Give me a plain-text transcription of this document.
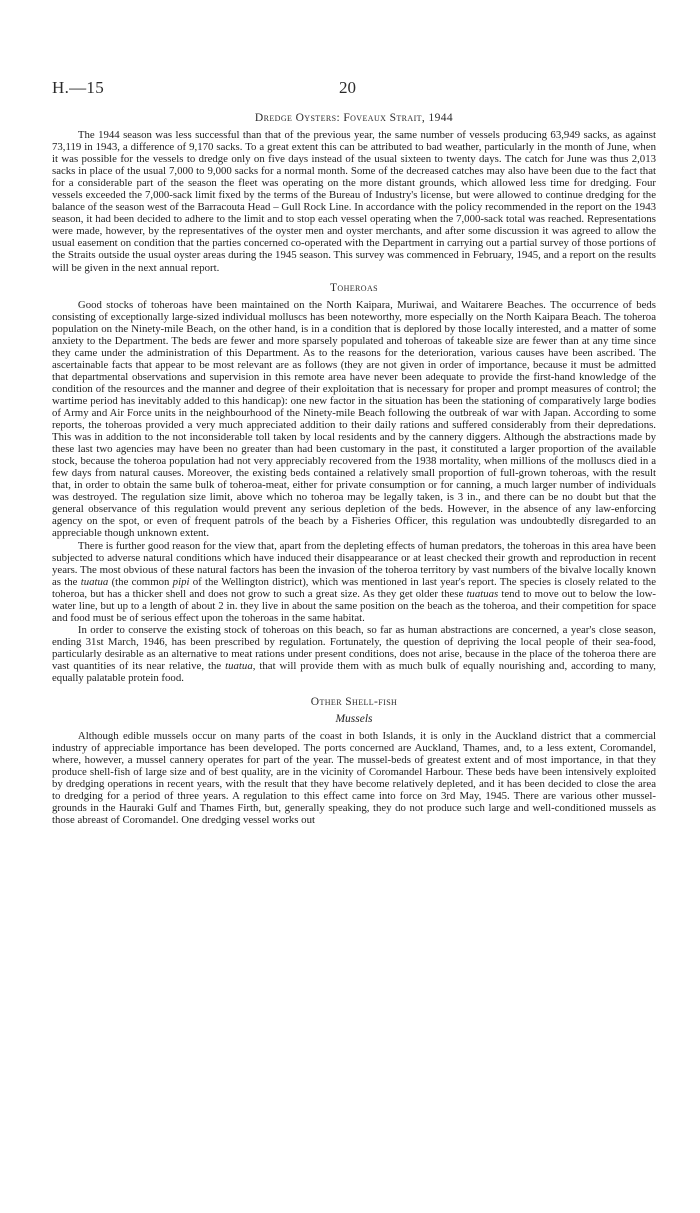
H.—15	20
Dredge Oysters: Foveaux Strait, 1944

The 1944 season was less successful than that of the previous year, the same number of vessels producing 63,949 sacks, as against 73,119 in 1943, a difference of 9,170 sacks. To a great extent this can be attributed to bad weather, particularly in the month of June, when it was possible for the vessels to dredge only on five days instead of the usual sixteen to twenty days. The catch for June was thus 2,013 sacks in place of the usual 7,000 to 9,000 sacks for a normal month. Some of the decreased catches may also have been due to the fact that for a considerable part of the season the fleet was operating on the more distant grounds, which allowed less time for dredging. Four vessels exceeded the 7,000-sack limit fixed by the terms of the Bureau of Industry's license, but were allowed to continue dredging for the balance of the season west of the Barracouta Head – Gull Rock Line. In accordance with the policy recommended in the report on the 1943 season, it had been decided to adhere to the limit and to stop each vessel operating when the 7,000-sack total was reached. Representations were made, however, by the representatives of the oyster men and oyster merchants, and after some discussion it was agreed to allow the usual easement on condition that the parties concerned co-operated with the Department in carrying out a partial survey of those portions of the Straits outside the usual oyster areas during the 1945 season. This survey was commenced in February, 1945, and a report on the results will be given in the next annual report.

Toheroas

Good stocks of toheroas have been maintained on the North Kaipara, Muriwai, and Waitarere Beaches. The occurrence of beds consisting of exceptionally large-sized individual molluscs has been noteworthy, more especially on the North Kaipara Beach. The toheroa population on the Ninety-mile Beach, on the other hand, is in a condition that is deplored by those locally interested, and a matter of some anxiety to the Department. The beds are fewer and more sparsely populated and toheroas of takeable size are fewer than at any time since they came under the administration of this Department. As to the reasons for the deterioration, various causes have been ascribed. The ascertainable facts that appear to be most relevant are as follows (they are not given in order of importance, because it must be admitted that departmental observations and supervision in this remote area have never been adequate to provide the first-hand knowledge of the condition of the resources and the manner and degree of their exploitation that is necessary for proper and prompt measures of control; the wartime period has inevitably added to this handicap): one new factor in the situation has been the stationing of comparatively large bodies of Army and Air Force units in the neighbourhood of the Ninety-mile Beach following the outbreak of war with Japan. According to some reports, the toheroas provided a very much appreciated addition to their daily rations and suffered considerably from their depredations. This was in addition to the not inconsiderable toll taken by local residents and by the cannery diggers. Although the abstractions made by these last two agencies may have been no greater than had been customary in the past, it constituted a larger proportion of the available stock, because the toheroa population had not very appreciably recovered from the 1938 mortality, when millions of the molluscs died in a few days from natural causes. Moreover, the existing beds contained a relatively small proportion of full-grown toheroas, with the result that, in order to obtain the same bulk of toheroa-meat, either for private consumption or for canning, a much larger number of individuals was destroyed. The regulation size limit, above which no toheroa may be legally taken, is 3 in., and there can be no doubt but that the general observance of this regulation would prevent any serious depletion of the beds. However, in the absence of any law-enforcing agency on the spot, or even of frequent patrols of the beach by a Fisheries Officer, this regulation was undoubtedly disregarded to an appreciable though unknown extent.

There is further good reason for the view that, apart from the depleting effects of human predators, the toheroas in this area have been subjected to adverse natural conditions which have induced their disappearance or at least checked their growth and reproduction in recent years. The most obvious of these natural factors has been the invasion of the toheroa territory by vast numbers of the bivalve locally known as the tuatua (the common pipi of the Wellington district), which was mentioned in last year's report. The species is closely related to the toheroa, but has a thicker shell and does not grow to such a great size. As they get older these tuatuas tend to move out to below the low-water line, but up to a length of about 2 in. they live in about the same position on the beach as the toheroa, and their competition for space and food must be of serious effect upon the toheroas in the same habitat.

In order to conserve the existing stock of toheroas on this beach, so far as human abstractions are concerned, a year's close season, ending 31st March, 1946, has been prescribed by regulation. Fortunately, the question of depriving the local people of their sea-food, particularly desirable as an alternative to meat rations under present conditions, does not arise, because in the place of the toheroa there are vast quantities of its near relative, the tuatua, that will provide them with as much bulk of equally nourishing and, according to many, equally palatable protein food.

Other Shell-fish
Mussels

Although edible mussels occur on many parts of the coast in both Islands, it is only in the Auckland district that a commercial industry of appreciable importance has been developed. The ports concerned are Auckland, Thames, and, to a less extent, Coromandel, where, however, a mussel cannery operates for part of the year. The mussel-beds of greatest extent and of most importance, in that they produce shell-fish of large size and of best quality, are in the vicinity of Coromandel Harbour. These beds have been intensively exploited by dredging operations in recent years, with the result that they have become relatively depleted, and it has been decided to close the area to dredging for a period of three years. A regulation to this effect came into force on 3rd May, 1945. There are various other mussel-grounds in the Hauraki Gulf and Thames Firth, but, generally speaking, they do not produce such large and well-conditioned mussels as those abreast of Coromandel. One dredging vessel works out
